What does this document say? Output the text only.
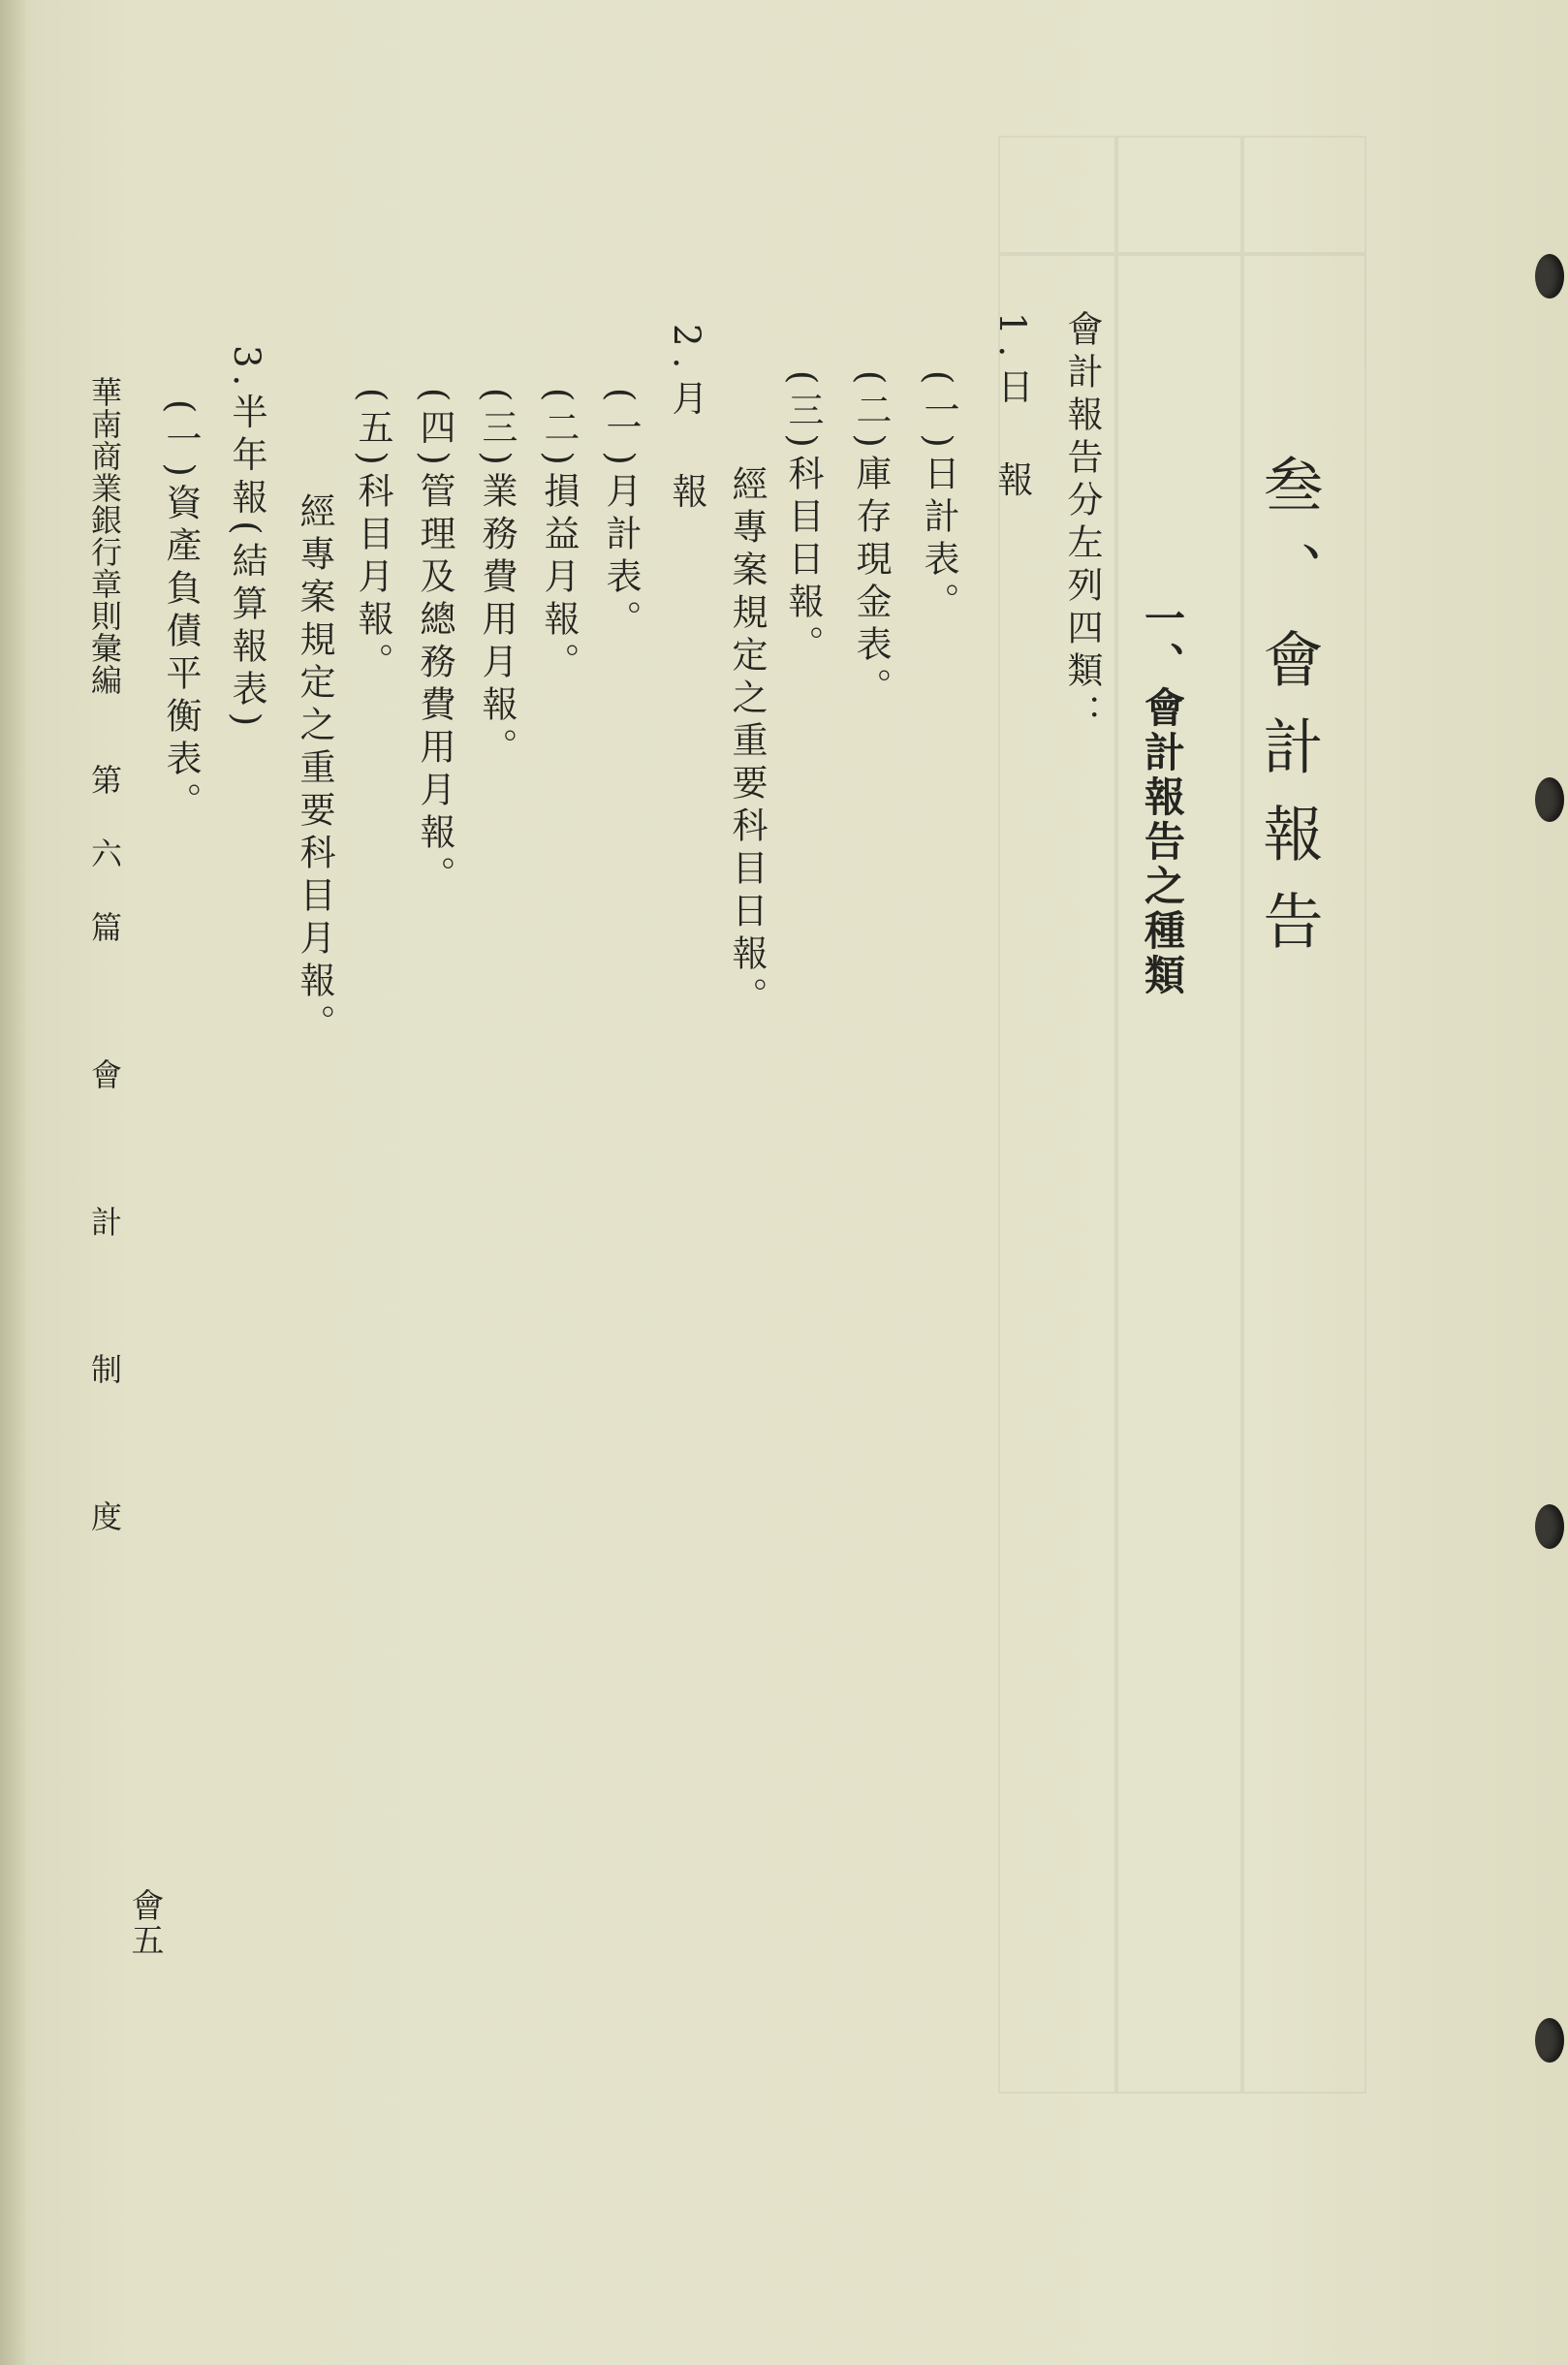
叁、會計報告
一、會計報告之種類
會計報告分左列四類：
1.日　報
(一)日計表。
(二)庫存現金表。
(三)科目日報。
經專案規定之重要科目日報。
2.月　報
(一)月計表。
(二)損益月報。
(三)業務費用月報。
(四)管理及總務費用月報。
(五)科目月報。
經專案規定之重要科目月報。
3.半年報(結算報表)
(一)資產負債平衡表。
華南商業銀行章則彙編
第六篇　會　計　制　度
會五
